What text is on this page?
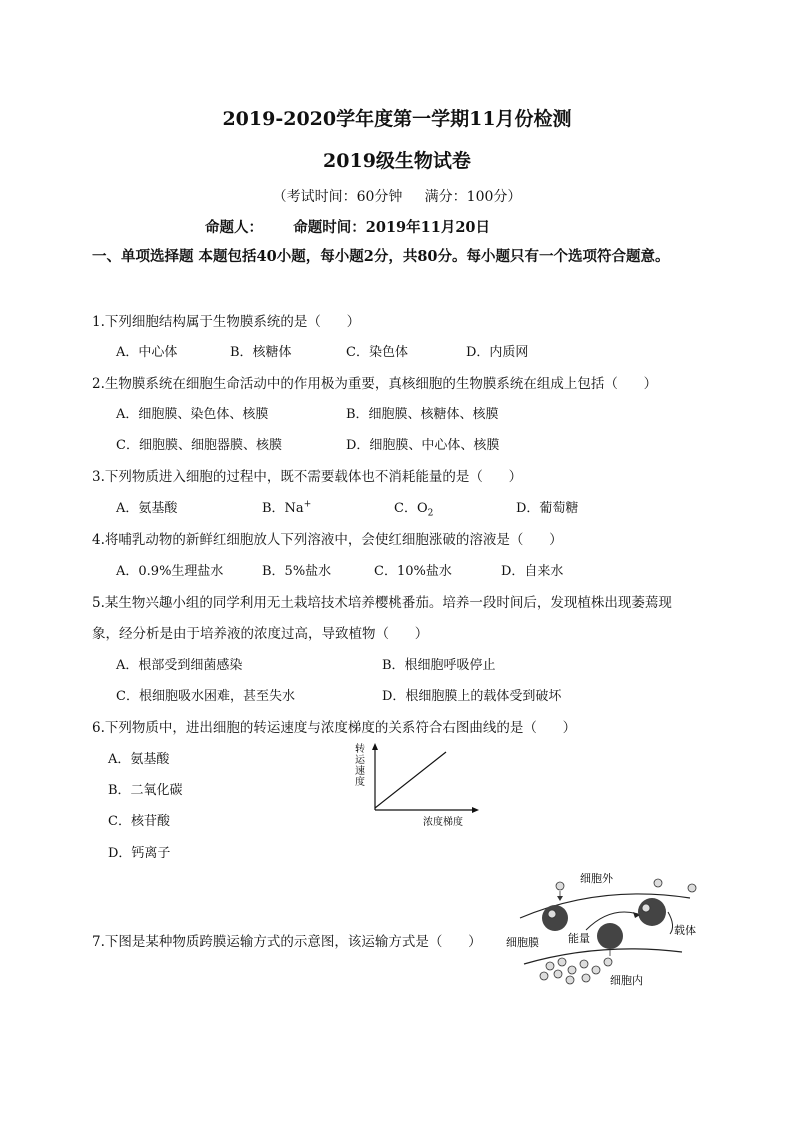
2019-2020学年度第一学期11月份检测
2019级生物试卷
（考试时间：60分钟     满分：100分）
命题人：      命题时间：2019年11月20日
一、单项选择题 本题包括40小题，每小题2分，共80分。每小题只有一个选项符合题意。
1.下列细胞结构属于生物膜系统的是（      ）
A．中心体	B．核糖体	C．染色体	D．内质网
2.生物膜系统在细胞生命活动中的作用极为重要，真核细胞的生物膜系统在组成上包括（      ）
A．细胞膜、染色体、核膜	B．细胞膜、核糖体、核膜
C．细胞膜、细胞器膜、核膜	D．细胞膜、中心体、核膜
3.下列物质进入细胞的过程中，既不需要载体也不消耗能量的是（      ）
A．氨基酸	B．Na+	C．$O_2$	D．葡萄糖
4.将哺乳动物的新鲜红细胞放人下列溶液中，会使红细胞涨破的溶液是（      ）
A．0.9%生理盐水	B．5%盐水	C．10%盐水	D．自来水
5.某生物兴趣小组的同学利用无土栽培技术培养樱桃番茄。培养一段时间后，发现植株出现萎蔫现
象，经分析是由于培养液的浓度过高，导致植物（      ）
A．根部受到细菌感染	B．根细胞呼吸停止
C．根细胞吸水困难，甚至失水	D．根细胞膜上的载体受到破坏
6.下列物质中，进出细胞的转运速度与浓度梯度的关系符合右图曲线的是（      ）
A．氨基酸
B．二氧化碳
C．核苷酸
D．钙离子
转
运
速
度
浓度梯度
7.下图是某种物质跨膜运输方式的示意图，该运输方式是（      ）
细胞外
细胞膜	能量
载体
细胞内
